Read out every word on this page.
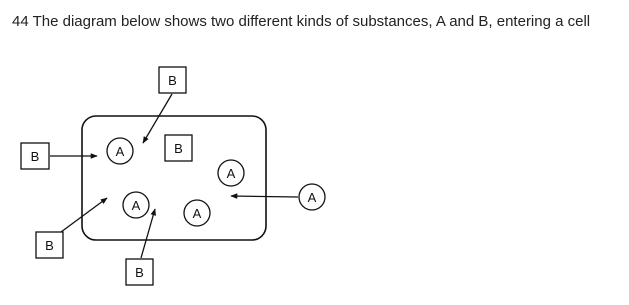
44 The diagram below shows two different kinds of substances, A and B, entering a cell

B
B
B
B
B
A
A
A
A
A
